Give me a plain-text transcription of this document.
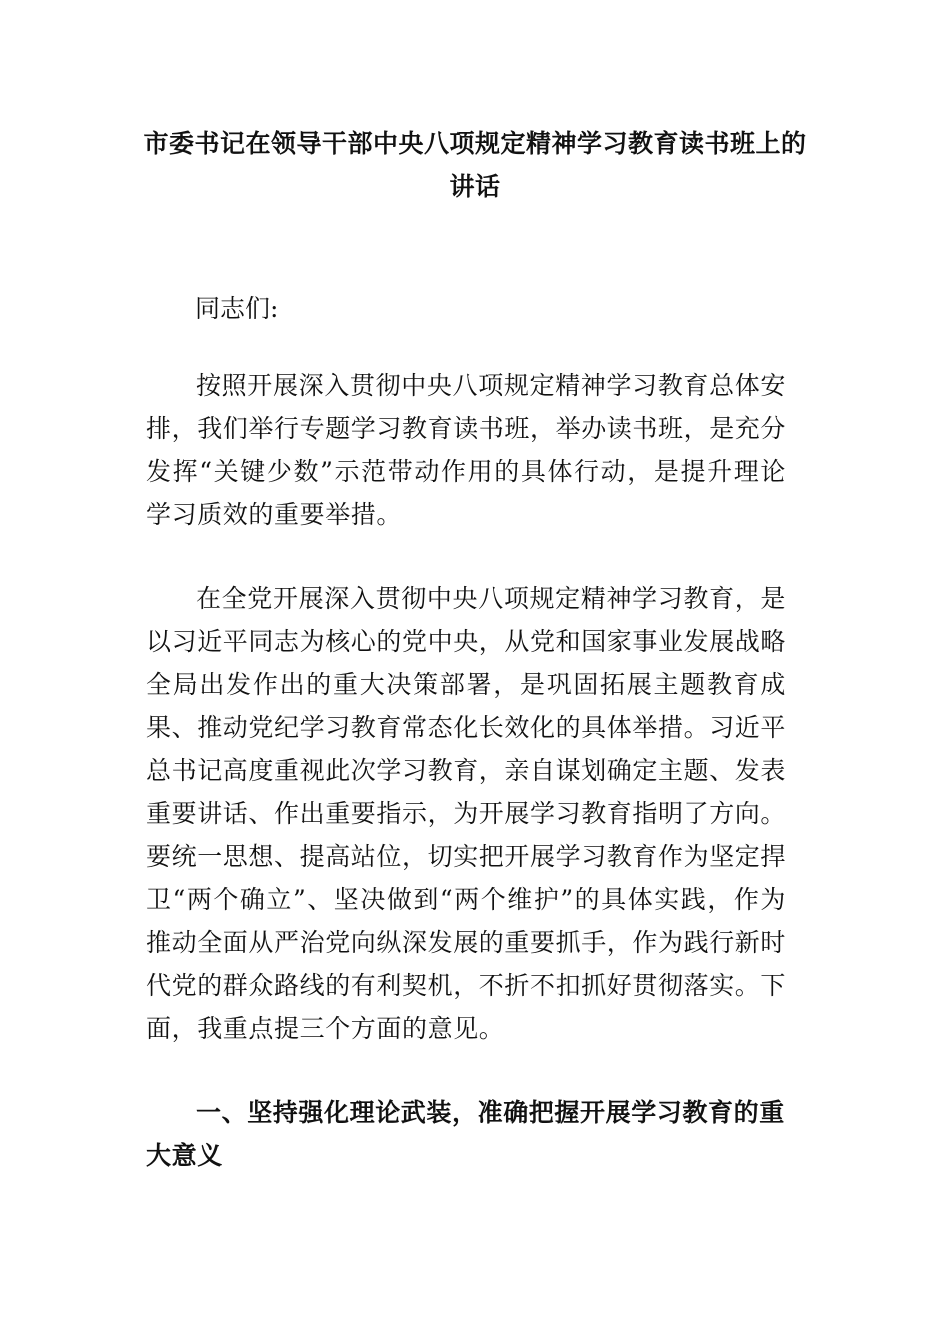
市委书记在领导干部中央八项规定精神学习教育读书班上的讲话

同志们:

按照开展深入贯彻中央八项规定精神学习教育总体安排，我们举行专题学习教育读书班，举办读书班，是充分发挥“关键少数”示范带动作用的具体行动，是提升理论学习质效的重要举措。

在全党开展深入贯彻中央八项规定精神学习教育，是以习近平同志为核心的党中央，从党和国家事业发展战略全局出发作出的重大决策部署，是巩固拓展主题教育成果、推动党纪学习教育常态化长效化的具体举措。习近平总书记高度重视此次学习教育，亲自谋划确定主题、发表重要讲话、作出重要指示，为开展学习教育指明了方向。要统一思想、提高站位，切实把开展学习教育作为坚定捍卫“两个确立”、坚决做到“两个维护”的具体实践，作为推动全面从严治党向纵深发展的重要抓手，作为践行新时代党的群众路线的有利契机，不折不扣抓好贯彻落实。下面，我重点提三个方面的意见。

一、坚持强化理论武装，准确把握开展学习教育的重大意义
